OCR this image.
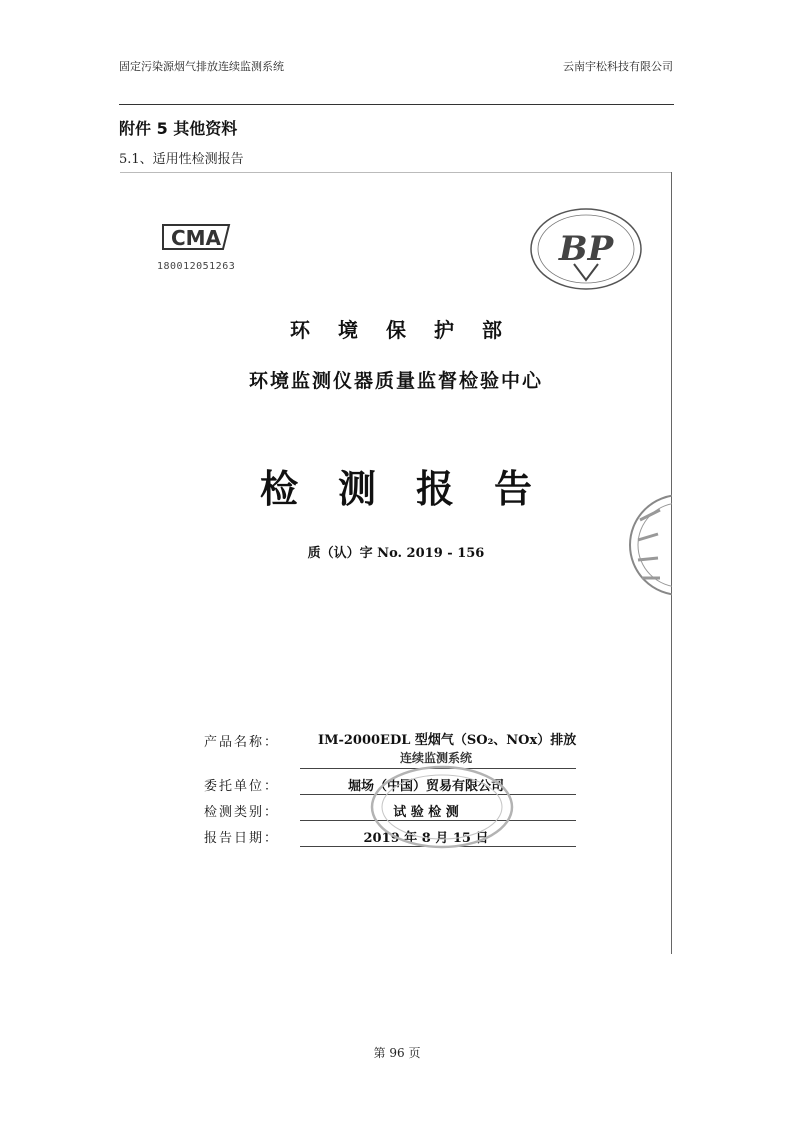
固定污染源烟气排放连续监测系统	云南宇松科技有限公司
附件 5 其他资料
5.1、适用性检测报告
CMA
180012051263	BP
环境保护部
环境监测仪器质量监督检验中心
检测报告
质（认）字 No. 2019 - 156
产品名称：	IM-2000EDL 型烟气（SO₂、NOx）排放
连续监测系统
委托单位：	堀场（中国）贸易有限公司
检测类别：	试 验 检 测
报告日期：	2019 年 8 月 15 日
第 96 页
